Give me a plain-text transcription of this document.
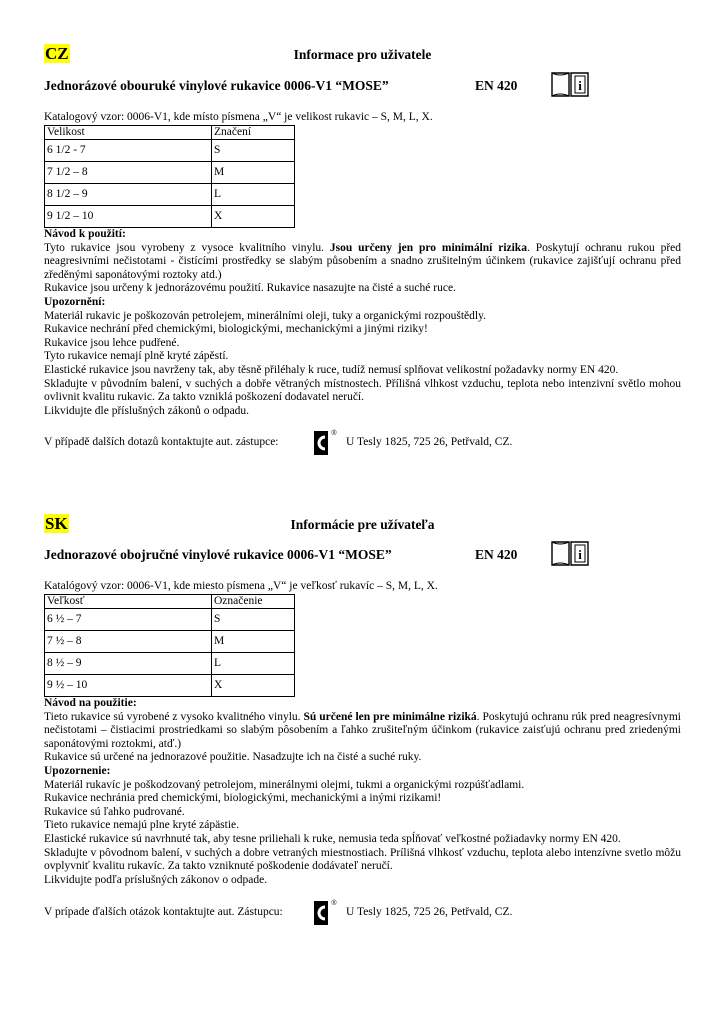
CZ	Informace pro uživatele
Jednorázové obouruké vinylové rukavice 0006-V1 “MOSE”	EN 420	i
Katalogový vzor: 0006-V1, kde místo písmena „V“ je velikost rukavic – S, M, L, X.
Velikost	Značení
6 1/2 - 7	S
7 1/2 – 8	M
8 1/2 – 9	L
9 1/2 – 10	X

Návod k použití:

Tyto rukavice jsou vyrobeny z vysoce kvalitního vinylu. Jsou určeny jen pro minimální rizika. Poskytují ochranu rukou před neagresivními nečistotami - čistícími prostředky se slabým působením a snadno zrušitelným účinkem (rukavice zajišťují ochranu před zředěnými saponátovými roztoky atd.)

Rukavice jsou určeny k jednorázovému použití. Rukavice nasazujte na čisté a suché ruce.

Upozornění:

Materiál rukavic je poškozován petrolejem, minerálními oleji, tuky a organickými rozpouštědly.

Rukavice nechrání před chemickými, biologickými, mechanickými a jinými riziky!

Rukavice jsou lehce pudřené.

Tyto rukavice nemají plně kryté zápěstí.

Elastické rukavice jsou navrženy tak, aby těsně přiléhaly k ruce, tudíž nemusí splňovat velikostní požadavky normy EN 420.

Skladujte v původním balení, v suchých a dobře větraných místnostech. Přílišná vlhkost vzduchu, teplota nebo intenzivní světlo mohou ovlivnit kvalitu rukavic. Za takto vzniklá poškození dodavatel neručí.

Likvidujte dle příslušných zákonů o odpadu.

V případě dalších dotazů kontaktujte aut. zástupce:
®
U Tesly 1825, 725 26, Petřvald, CZ.
SK	Informácie pre užívateľa
Jednorazové obojručné vinylové rukavice 0006-V1 “MOSE”	EN 420	i
Katalógový vzor: 0006-V1, kde miesto písmena „V“ je veľkosť rukavíc – S, M, L, X.
Veľkosť	Označenie
6 ½ – 7	S
7 ½ – 8	M
8 ½ – 9	L
9 ½ – 10	X

Návod na použitie:

Tieto rukavice sú vyrobené z vysoko kvalitného vinylu. Sú určené len pre minimálne riziká. Poskytujú ochranu rúk pred neagresívnymi nečistotami – čistiacimi prostriedkami so slabým pôsobením a ľahko zrušiteľným účinkom (rukavice zaisťujú ochranu pred zriedenými saponátovými roztokmi, atď.)

Rukavice sú určené na jednorazové použitie. Nasadzujte ich na čisté a suché ruky.

Upozornenie:

Materiál rukavíc je poškodzovaný petrolejom, minerálnymi olejmi, tukmi a organickými rozpúšťadlami.

Rukavice nechránia pred chemickými, biologickými, mechanickými a inými rizikami!

Rukavice sú ľahko pudrované.

Tieto rukavice nemajú plne kryté zápästie.

Elastické rukavice sú navrhnuté tak, aby tesne priliehali k ruke, nemusia teda spĺňovať veľkostné požiadavky normy EN 420.

Skladujte v pôvodnom balení, v suchých a dobre vetraných miestnostiach. Prílišná vlhkosť vzduchu, teplota alebo intenzívne svetlo môžu ovplyvniť kvalitu rukavíc. Za takto vzniknuté poškodenie dodávateľ neručí.

Likvidujte podľa príslušných zákonov o odpade.

V prípade ďalších otázok kontaktujte aut. Zástupcu:
®
U Tesly 1825, 725 26, Petřvald, CZ.
